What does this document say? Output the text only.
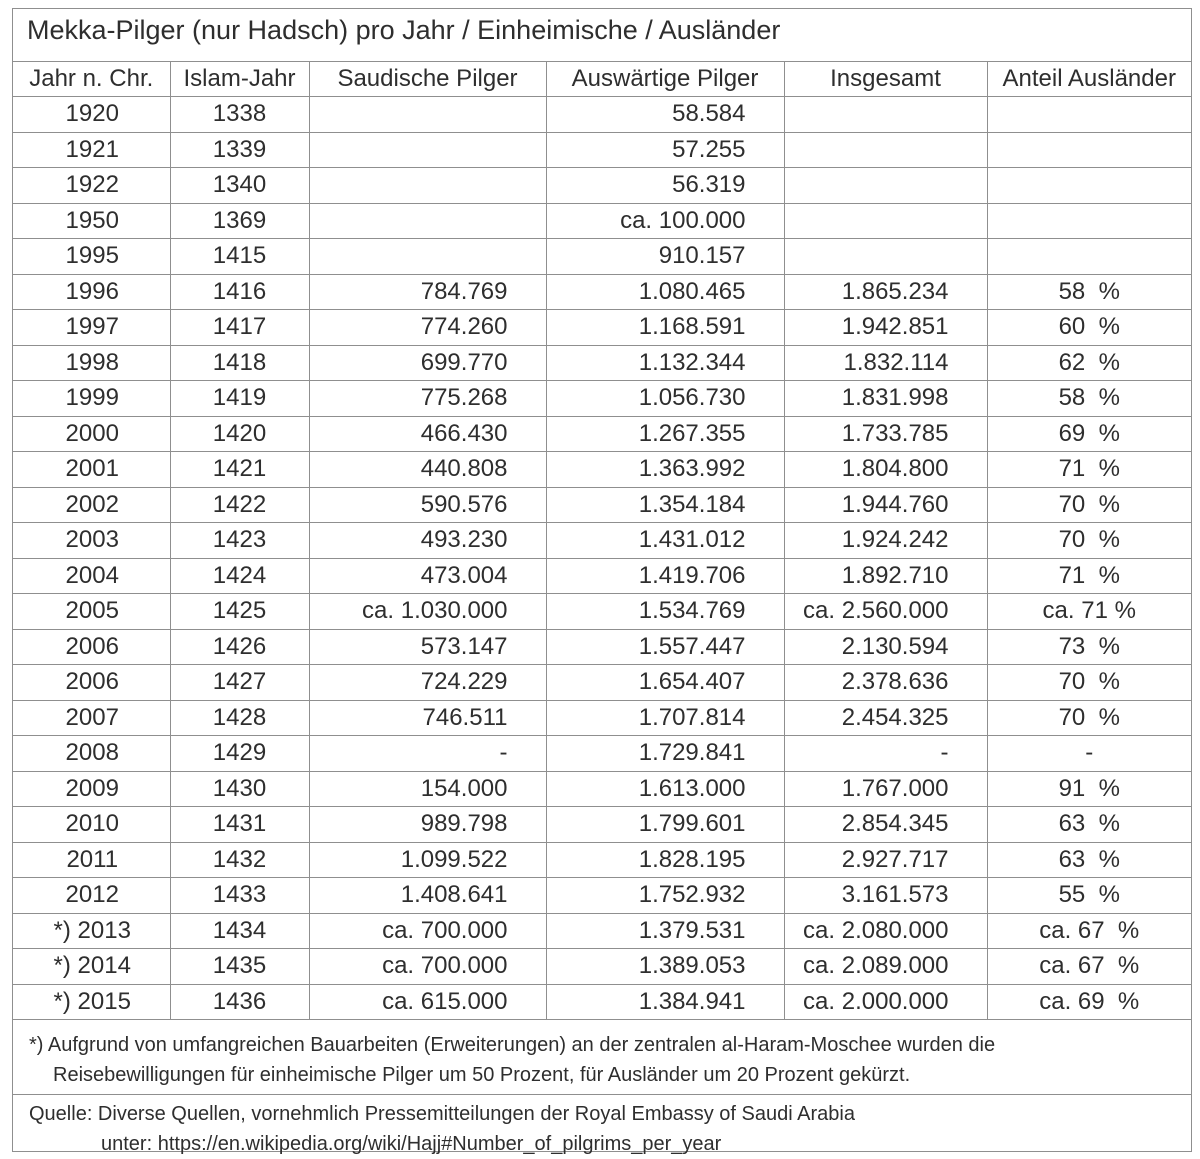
Mekka-Pilger (nur Hadsch) pro Jahr / Einheimische / Ausländer
Jahr n. Chr.	Islam-Jahr	Saudische Pilger	Auswärtige Pilger	Insgesamt	Anteil Ausländer
1920	1338		58.584		
1921	1339		57.255		
1922	1340		56.319		
1950	1369		ca. 100.000		
1995	1415		910.157		
1996	1416	784.769	1.080.465	1.865.234	58  %
1997	1417	774.260	1.168.591	1.942.851	60  %
1998	1418	699.770	1.132.344	1.832.114	62  %
1999	1419	775.268	1.056.730	1.831.998	58  %
2000	1420	466.430	1.267.355	1.733.785	69  %
2001	1421	440.808	1.363.992	1.804.800	71  %
2002	1422	590.576	1.354.184	1.944.760	70  %
2003	1423	493.230	1.431.012	1.924.242	70  %
2004	1424	473.004	1.419.706	1.892.710	71  %
2005	1425	ca. 1.030.000	1.534.769	ca. 2.560.000	ca. 71 %
2006	1426	573.147	1.557.447	2.130.594	73  %
2006	1427	724.229	1.654.407	2.378.636	70  %
2007	1428	746.511	1.707.814	2.454.325	70  %
2008	1429	-	1.729.841	-	-
2009	1430	154.000	1.613.000	1.767.000	91  %
2010	1431	989.798	1.799.601	2.854.345	63  %
2011	1432	1.099.522	1.828.195	2.927.717	63  %
2012	1433	1.408.641	1.752.932	3.161.573	55  %
*) 2013	1434	ca. 700.000	1.379.531	ca. 2.080.000	ca. 67  %
*) 2014	1435	ca. 700.000	1.389.053	ca. 2.089.000	ca. 67  %
*) 2015	1436	ca. 615.000	1.384.941	ca. 2.000.000	ca. 69  %
*) Aufgrund von umfangreichen Bauarbeiten (Erweiterungen) an der zentralen al-Haram-Moschee wurden die
Reisebewilligungen für einheimische Pilger um 50 Prozent, für Ausländer um 20 Prozent gekürzt.
Quelle: Diverse Quellen, vornehmlich Pressemitteilungen der Royal Embassy of Saudi Arabia
unter: https://en.wikipedia.org/wiki/Hajj#Number_of_pilgrims_per_year
